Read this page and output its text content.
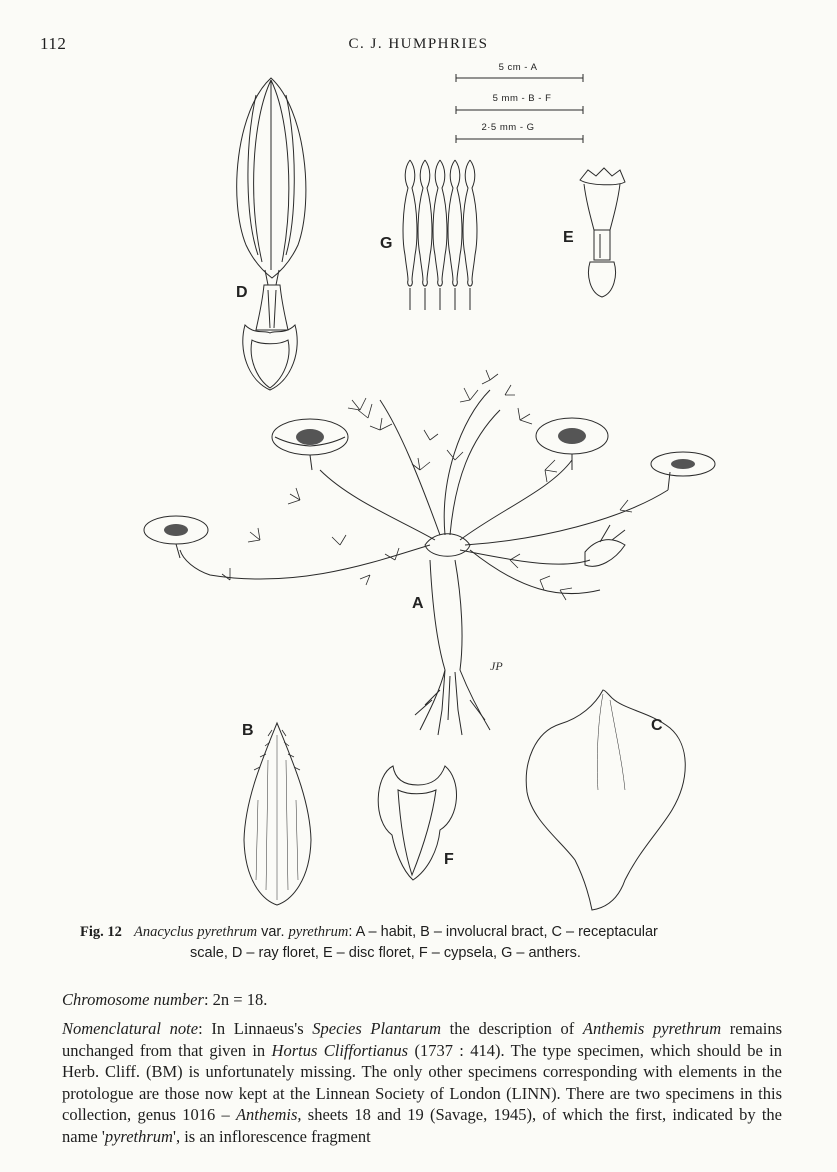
112	C. J. HUMPHRIES
5 cm - A
5 mm - B - F
2·5 mm - G
D
G	E
A
JP
B
F
C
Fig. 12 Anacyclus pyrethrum var. pyrethrum: A – habit, B – involucral bract, C – receptacular
scale, D – ray floret, E – disc floret, F – cypsela, G – anthers.
Chromosome number: 2n = 18.
Nomenclatural note: In Linnaeus's Species Plantarum the description of Anthemis pyrethrum remains unchanged from that given in Hortus Cliffortianus (1737 : 414). The type specimen, which should be in Herb. Cliff. (BM) is unfortunately missing. The only other specimens corresponding with elements in the protologue are those now kept at the Linnean Society of London (LINN). There are two specimens in this collection, genus 1016 – Anthemis, sheets 18 and 19 (Savage, 1945), of which the first, indicated by the name 'pyrethrum', is an inflorescence fragment
